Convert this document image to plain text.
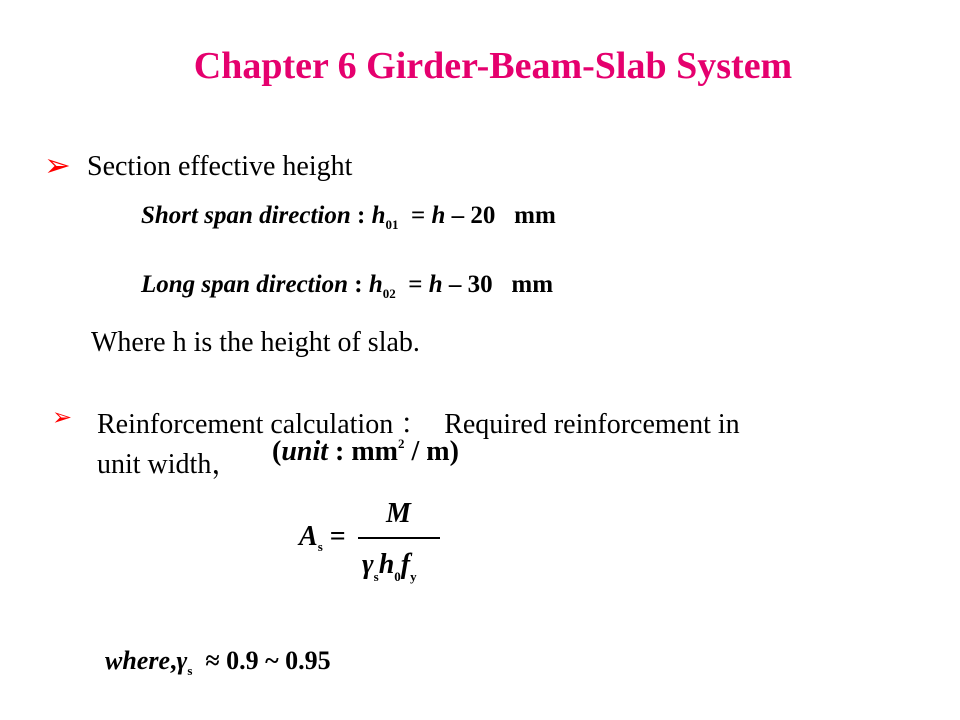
Chapter 6 Girder-Beam-Slab System
➢ Section effective height
Short span direction : $h_{01} = h - 20$ mm
Long span direction : $h_{02} = h - 30$ mm
Where h is the height of slab.
➢ Reinforcement calculation ： Required reinforcement in
unit width， (unit : $mm^2 / m$)
$A_s$ =
M
$\gamma_sh_0f_y$
$where,\gamma_s \approx 0.9$ ~ 0.95
